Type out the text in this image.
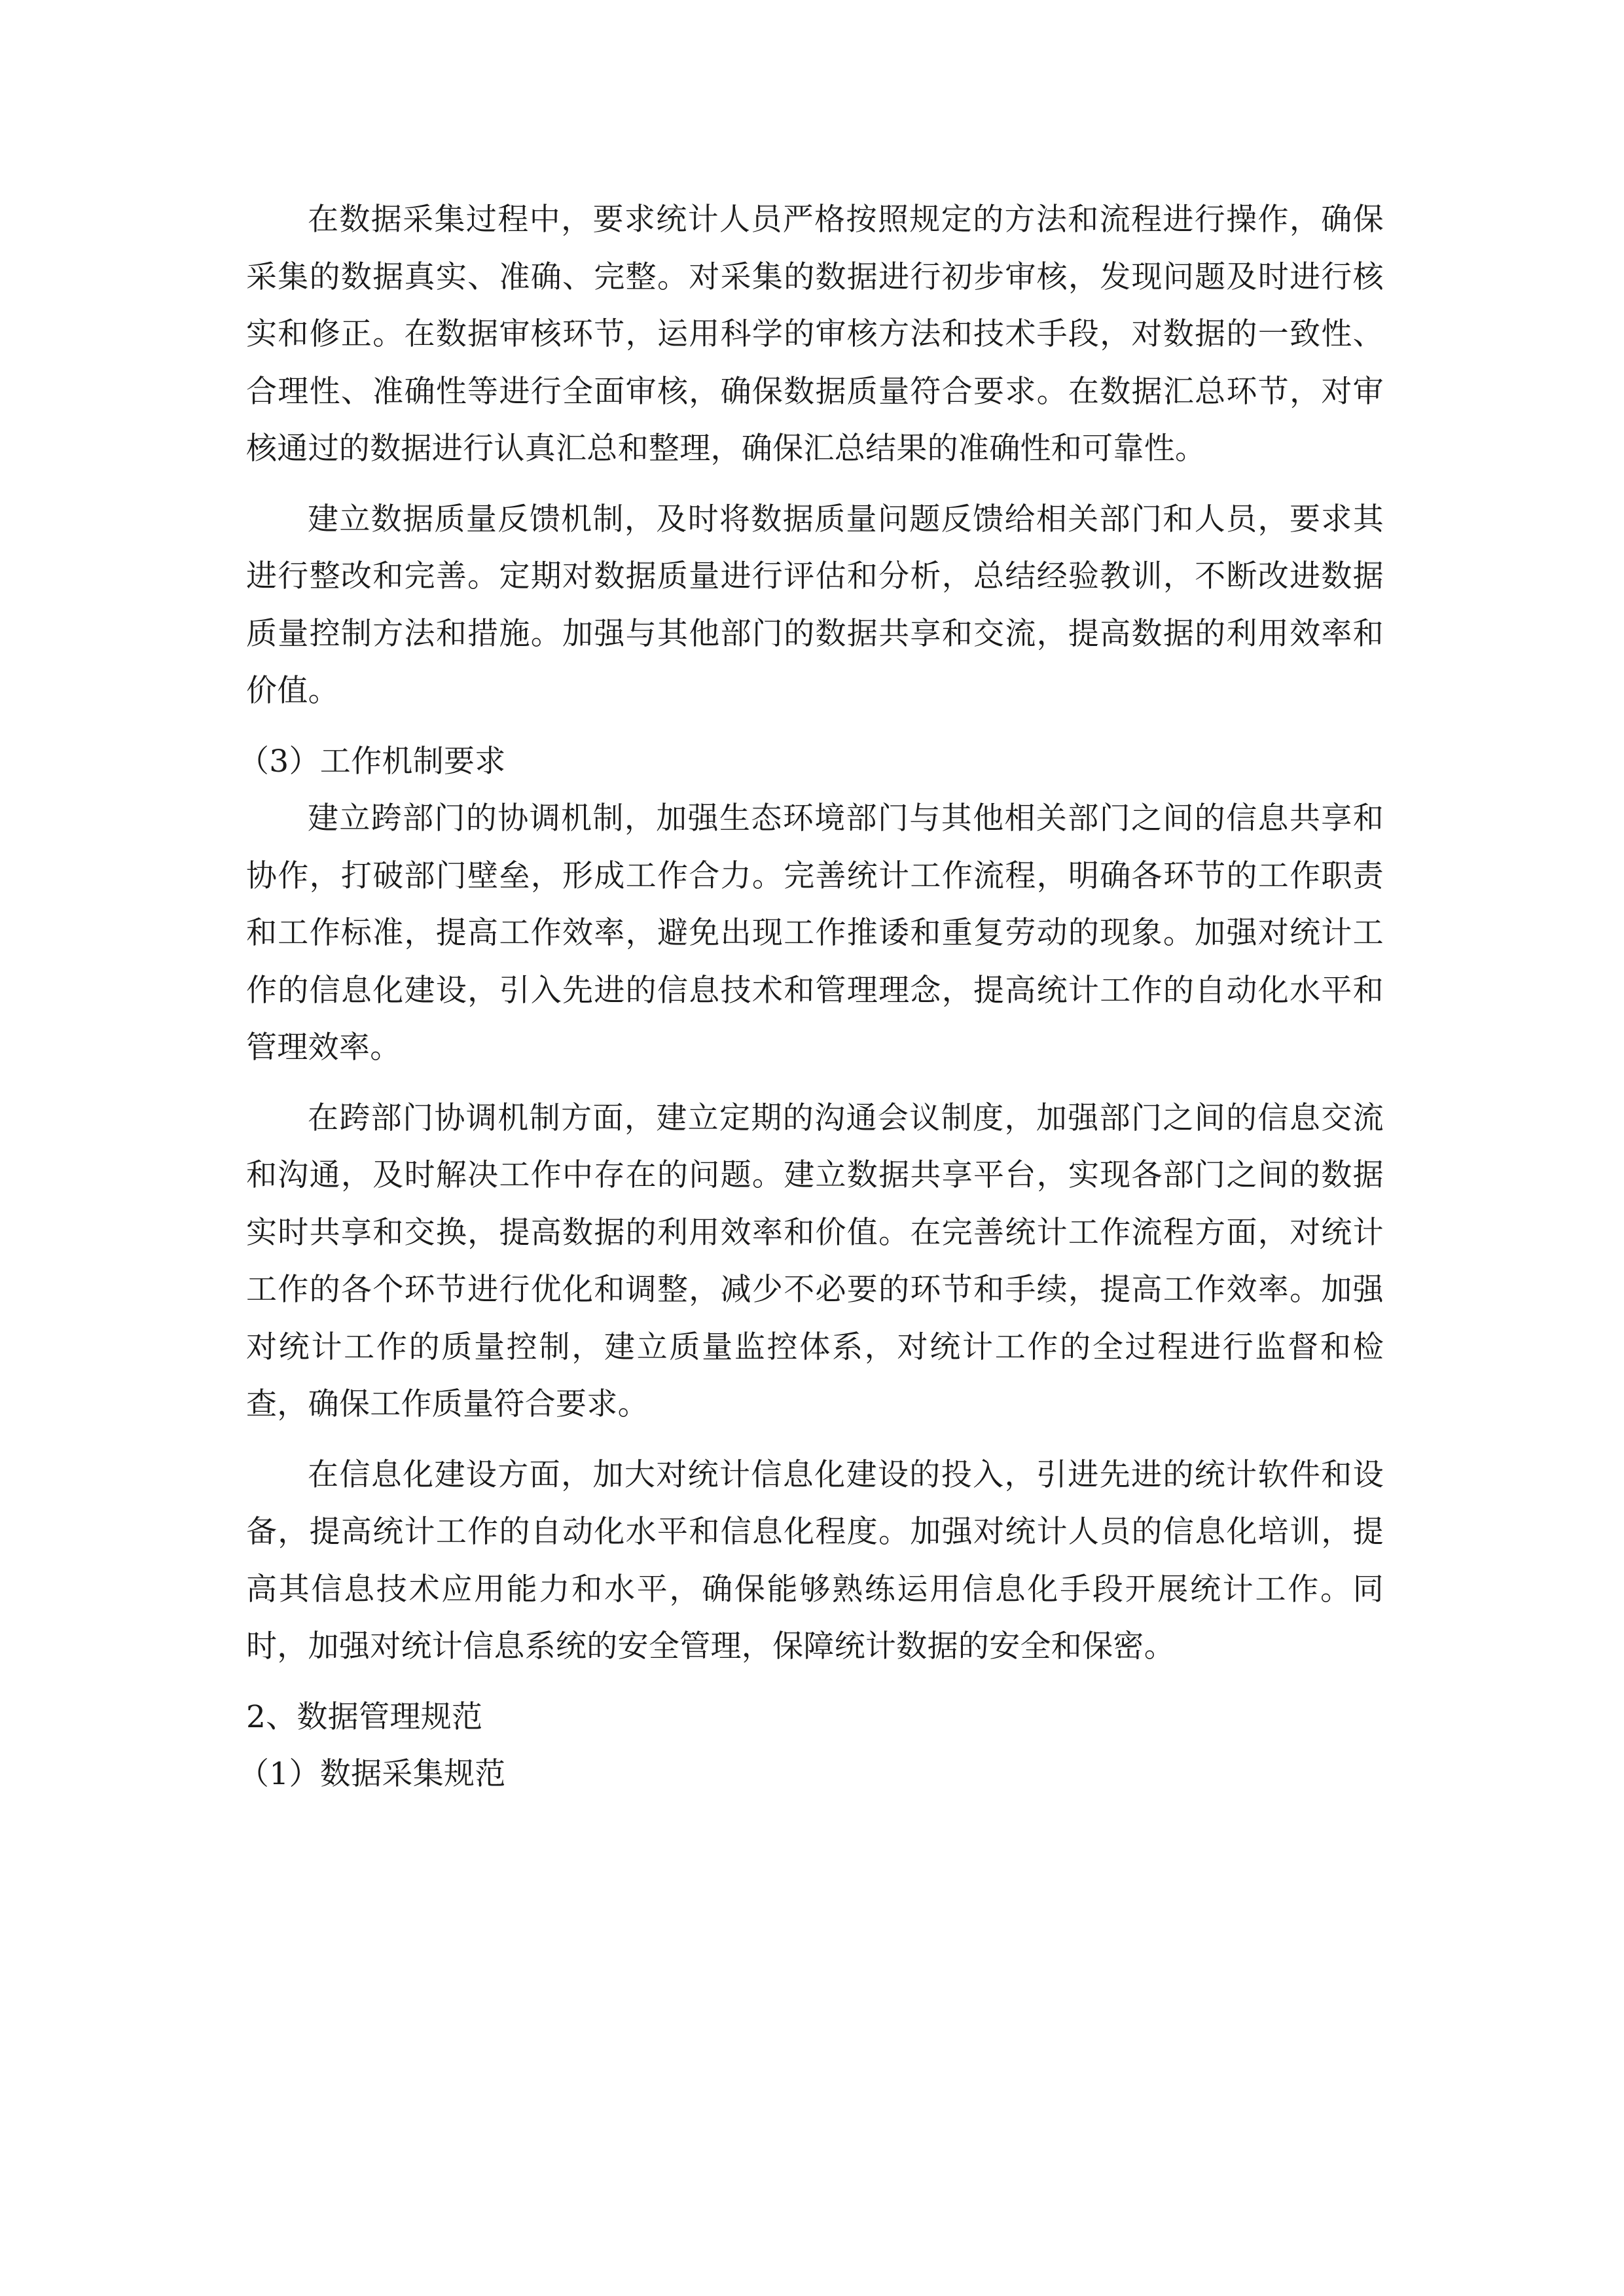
在数据采集过程中，要求统计人员严格按照规定的方法和流程进行操作，确保采集的数据真实、准确、完整。对采集的数据进行初步审核，发现问题及时进行核实和修正。在数据审核环节，运用科学的审核方法和技术手段，对数据的一致性、合理性、准确性等进行全面审核，确保数据质量符合要求。在数据汇总环节，对审核通过的数据进行认真汇总和整理，确保汇总结果的准确性和可靠性。

建立数据质量反馈机制，及时将数据质量问题反馈给相关部门和人员，要求其进行整改和完善。定期对数据质量进行评估和分析，总结经验教训，不断改进数据质量控制方法和措施。加强与其他部门的数据共享和交流，提高数据的利用效率和价值。

（3）工作机制要求

建立跨部门的协调机制，加强生态环境部门与其他相关部门之间的信息共享和协作，打破部门壁垒，形成工作合力。完善统计工作流程，明确各环节的工作职责和工作标准，提高工作效率，避免出现工作推诿和重复劳动的现象。加强对统计工作的信息化建设，引入先进的信息技术和管理理念，提高统计工作的自动化水平和管理效率。

在跨部门协调机制方面，建立定期的沟通会议制度，加强部门之间的信息交流和沟通，及时解决工作中存在的问题。建立数据共享平台，实现各部门之间的数据实时共享和交换，提高数据的利用效率和价值。在完善统计工作流程方面，对统计工作的各个环节进行优化和调整，减少不必要的环节和手续，提高工作效率。加强对统计工作的质量控制，建立质量监控体系，对统计工作的全过程进行监督和检查，确保工作质量符合要求。

在信息化建设方面，加大对统计信息化建设的投入，引进先进的统计软件和设备，提高统计工作的自动化水平和信息化程度。加强对统计人员的信息化培训，提高其信息技术应用能力和水平，确保能够熟练运用信息化手段开展统计工作。同时，加强对统计信息系统的安全管理，保障统计数据的安全和保密。

2、数据管理规范

（1）数据采集规范
